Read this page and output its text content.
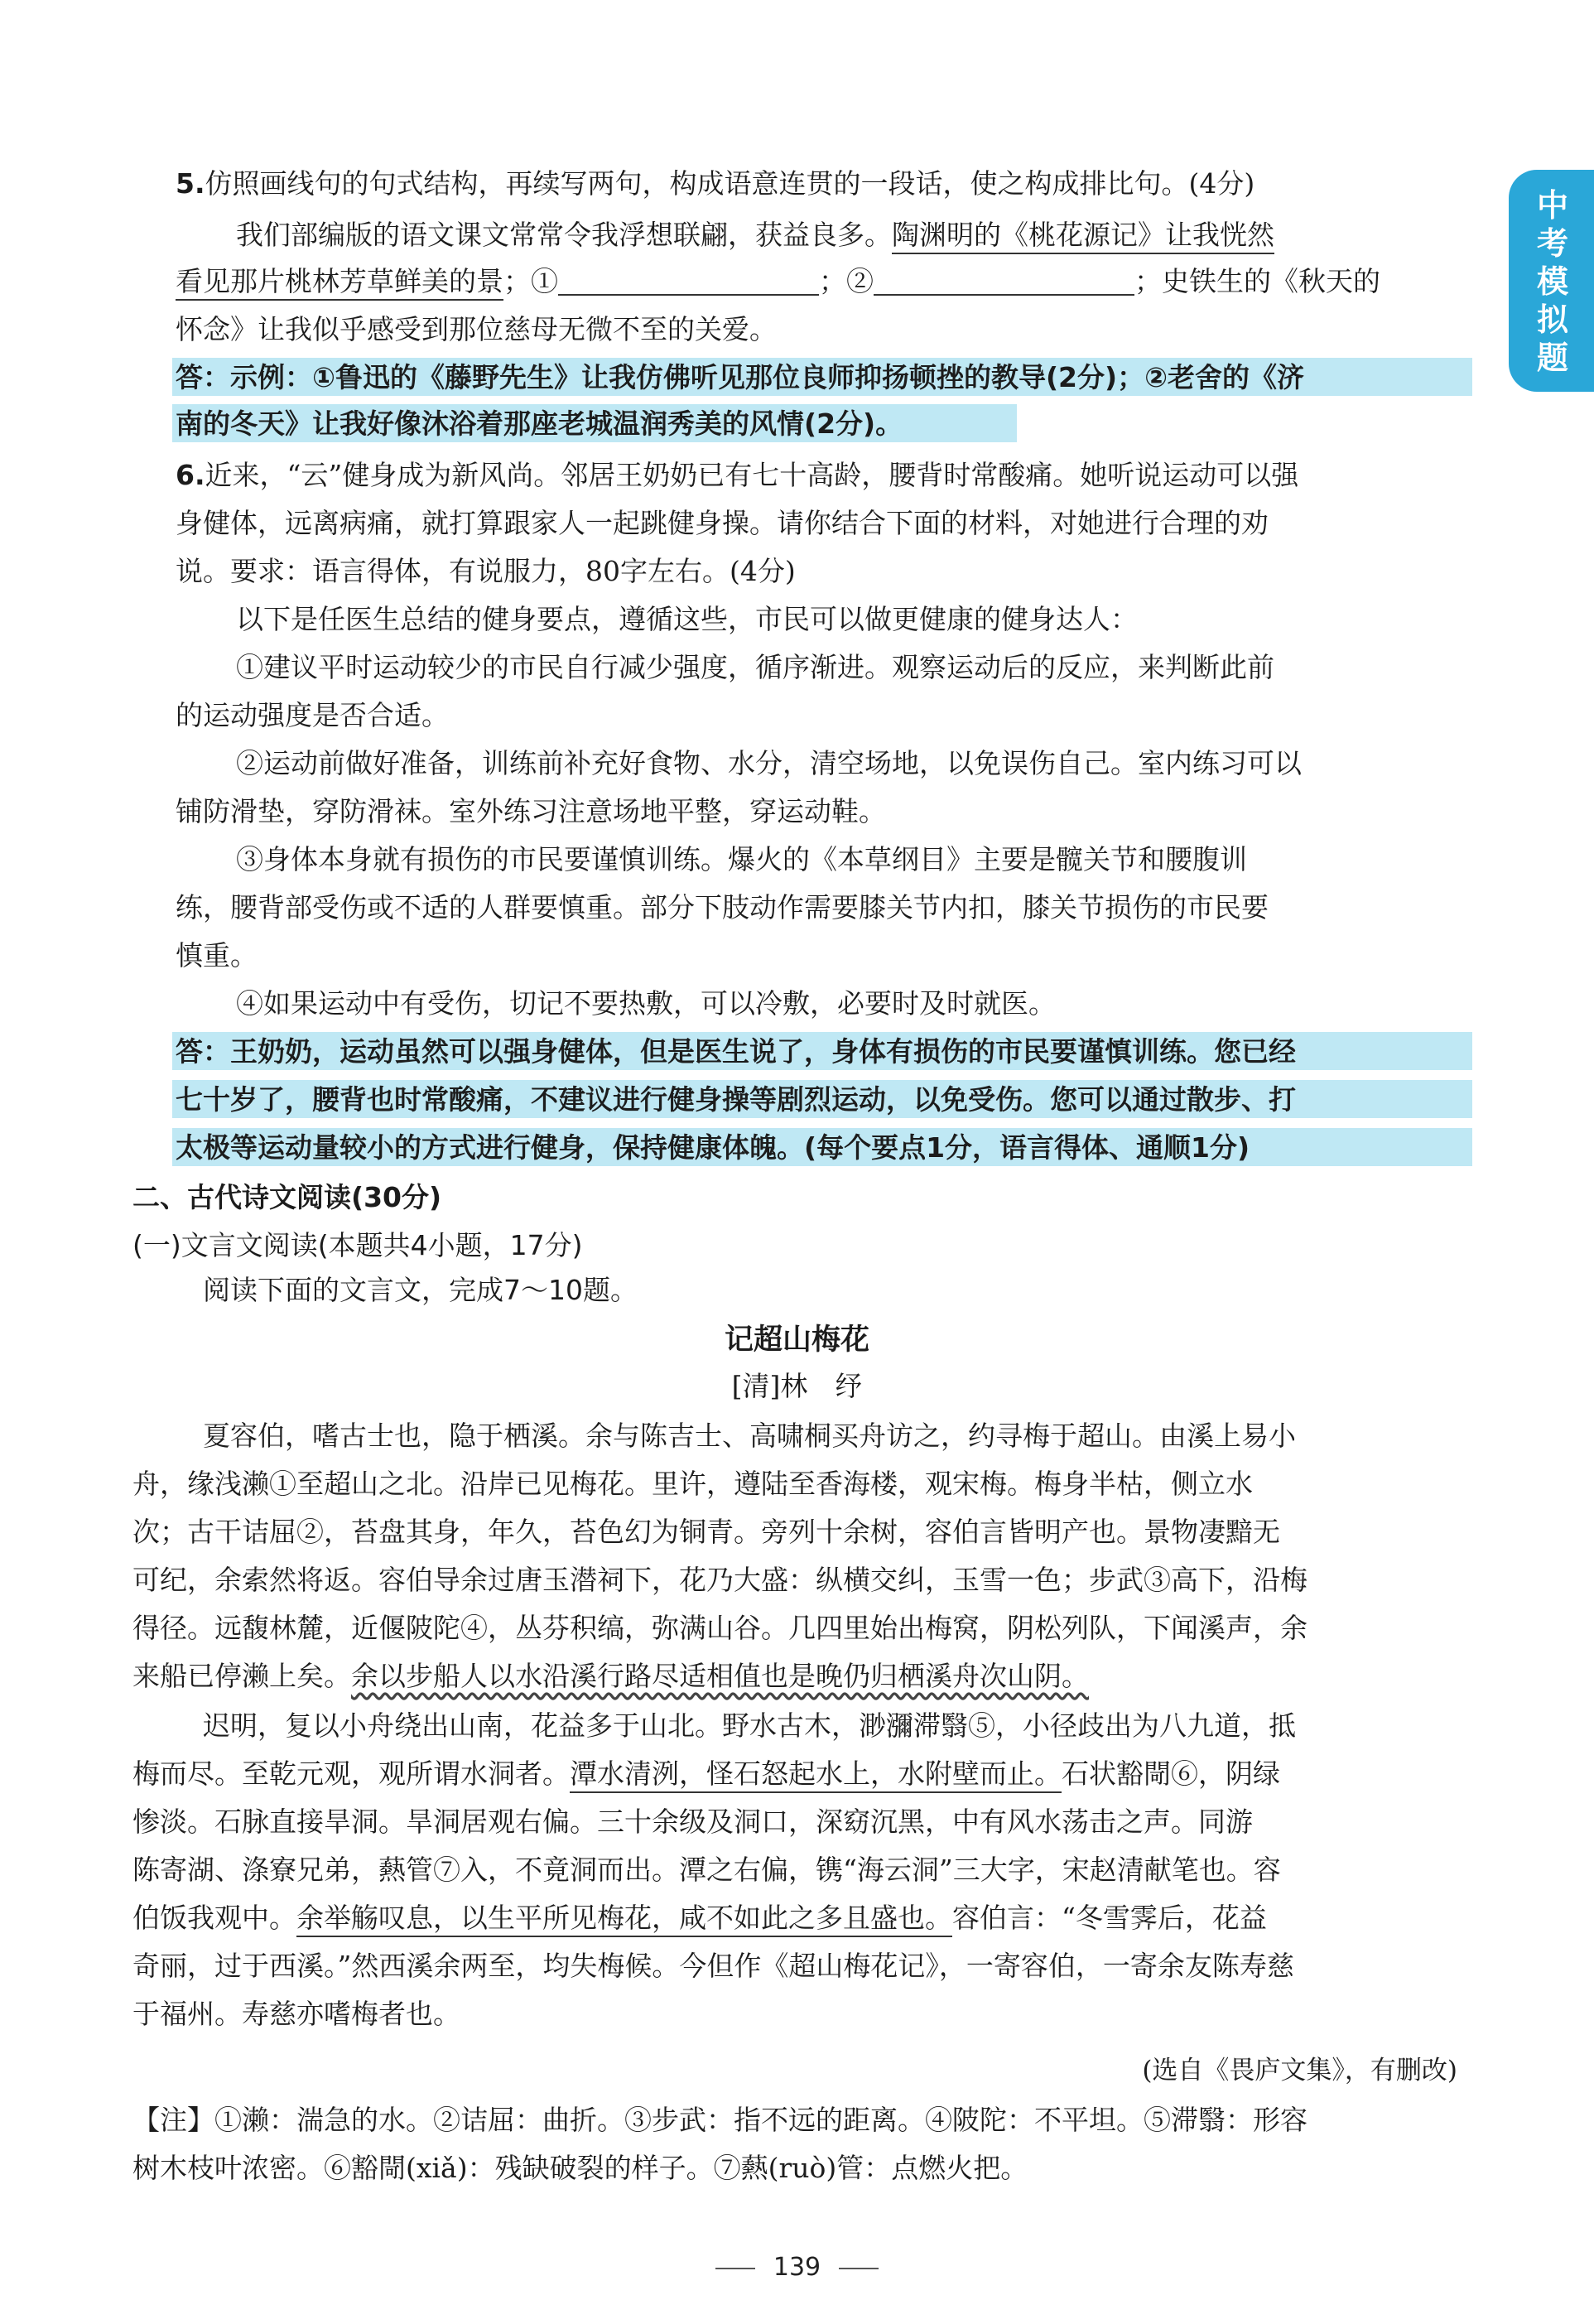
中
考
模
拟
题
5.仿照画线句的句式结构，再续写两句，构成语意连贯的一段话，使之构成排比句。(4分)
我们部编版的语文课文常常令我浮想联翩，获益良多。陶渊明的《桃花源记》让我恍然
看见那片桃林芳草鲜美的景；①	；②	；史铁生的《秋天的
怀念》让我似乎感受到那位慈母无微不至的关爱。
答：示例：①鲁迅的《藤野先生》让我仿佛听见那位良师抑扬顿挫的教导(2分)；②老舍的《济
南的冬天》让我好像沐浴着那座老城温润秀美的风情(2分)。
6.近来，“云”健身成为新风尚。邻居王奶奶已有七十高龄，腰背时常酸痛。她听说运动可以强
身健体，远离病痛，就打算跟家人一起跳健身操。请你结合下面的材料，对她进行合理的劝
说。要求：语言得体，有说服力，80字左右。(4分)
以下是任医生总结的健身要点，遵循这些，市民可以做更健康的健身达人：
①建议平时运动较少的市民自行减少强度，循序渐进。观察运动后的反应，来判断此前
的运动强度是否合适。
②运动前做好准备，训练前补充好食物、水分，清空场地，以免误伤自己。室内练习可以
铺防滑垫，穿防滑袜。室外练习注意场地平整，穿运动鞋。
③身体本身就有损伤的市民要谨慎训练。爆火的《本草纲目》主要是髋关节和腰腹训
练，腰背部受伤或不适的人群要慎重。部分下肢动作需要膝关节内扣，膝关节损伤的市民要
慎重。
④如果运动中有受伤，切记不要热敷，可以冷敷，必要时及时就医。
答：王奶奶，运动虽然可以强身健体，但是医生说了，身体有损伤的市民要谨慎训练。您已经
七十岁了，腰背也时常酸痛，不建议进行健身操等剧烈运动，以免受伤。您可以通过散步、打
太极等运动量较小的方式进行健身，保持健康体魄。(每个要点1分，语言得体、通顺1分)
二、古代诗文阅读(30分)
(一)文言文阅读(本题共4小题，17分)
阅读下面的文言文，完成7～10题。
记超山梅花
[清]林　纾
夏容伯，嗜古士也，隐于栖溪。余与陈吉士、高啸桐买舟访之，约寻梅于超山。由溪上易小
舟，缘浅濑①至超山之北。沿岸已见梅花。里许，遵陆至香海楼，观宋梅。梅身半枯，侧立水
次；古干诘屈②，苔盘其身，年久，苔色幻为铜青。旁列十余树，容伯言皆明产也。景物凄黯无
可纪，余索然将返。容伯导余过唐玉潜祠下，花乃大盛：纵横交纠，玉雪一色；步武③高下，沿梅
得径。远馥林麓，近偃陂陀④，丛芬积缟，弥满山谷。几四里始出梅窝，阴松列队，下闻溪声，余
来船已停濑上矣。余以步船人以水沿溪行路尽适相值也是晚仍归栖溪舟次山阴。
迟明，复以小舟绕出山南，花益多于山北。野水古木，渺瀰滞翳⑤，小径歧出为八九道，抵
梅而尽。至乾元观，观所谓水洞者。潭水清洌，怪石怒起水上，水附壁而止。石状豁閜⑥，阴绿
惨淡。石脉直接旱洞。旱洞居观右偏。三十余级及洞口，深窈沉黑，中有风水荡击之声。同游
陈寄湖、涤寮兄弟，爇管⑦入，不竟洞而出。潭之右偏，镌“海云洞”三大字，宋赵清献笔也。容
伯饭我观中。余举觞叹息，以生平所见梅花，咸不如此之多且盛也。容伯言：“冬雪霁后，花益
奇丽，过于西溪。”然西溪余两至，均失梅候。今但作《超山梅花记》，一寄容伯，一寄余友陈寿慈
于福州。寿慈亦嗜梅者也。
(选自《畏庐文集》，有删改)
【注】①濑：湍急的水。②诘屈：曲折。③步武：指不远的距离。④陂陀：不平坦。⑤滞翳：形容
树木枝叶浓密。⑥豁閜(xiǎ)：残缺破裂的样子。⑦爇(ruò)管：点燃火把。
139
